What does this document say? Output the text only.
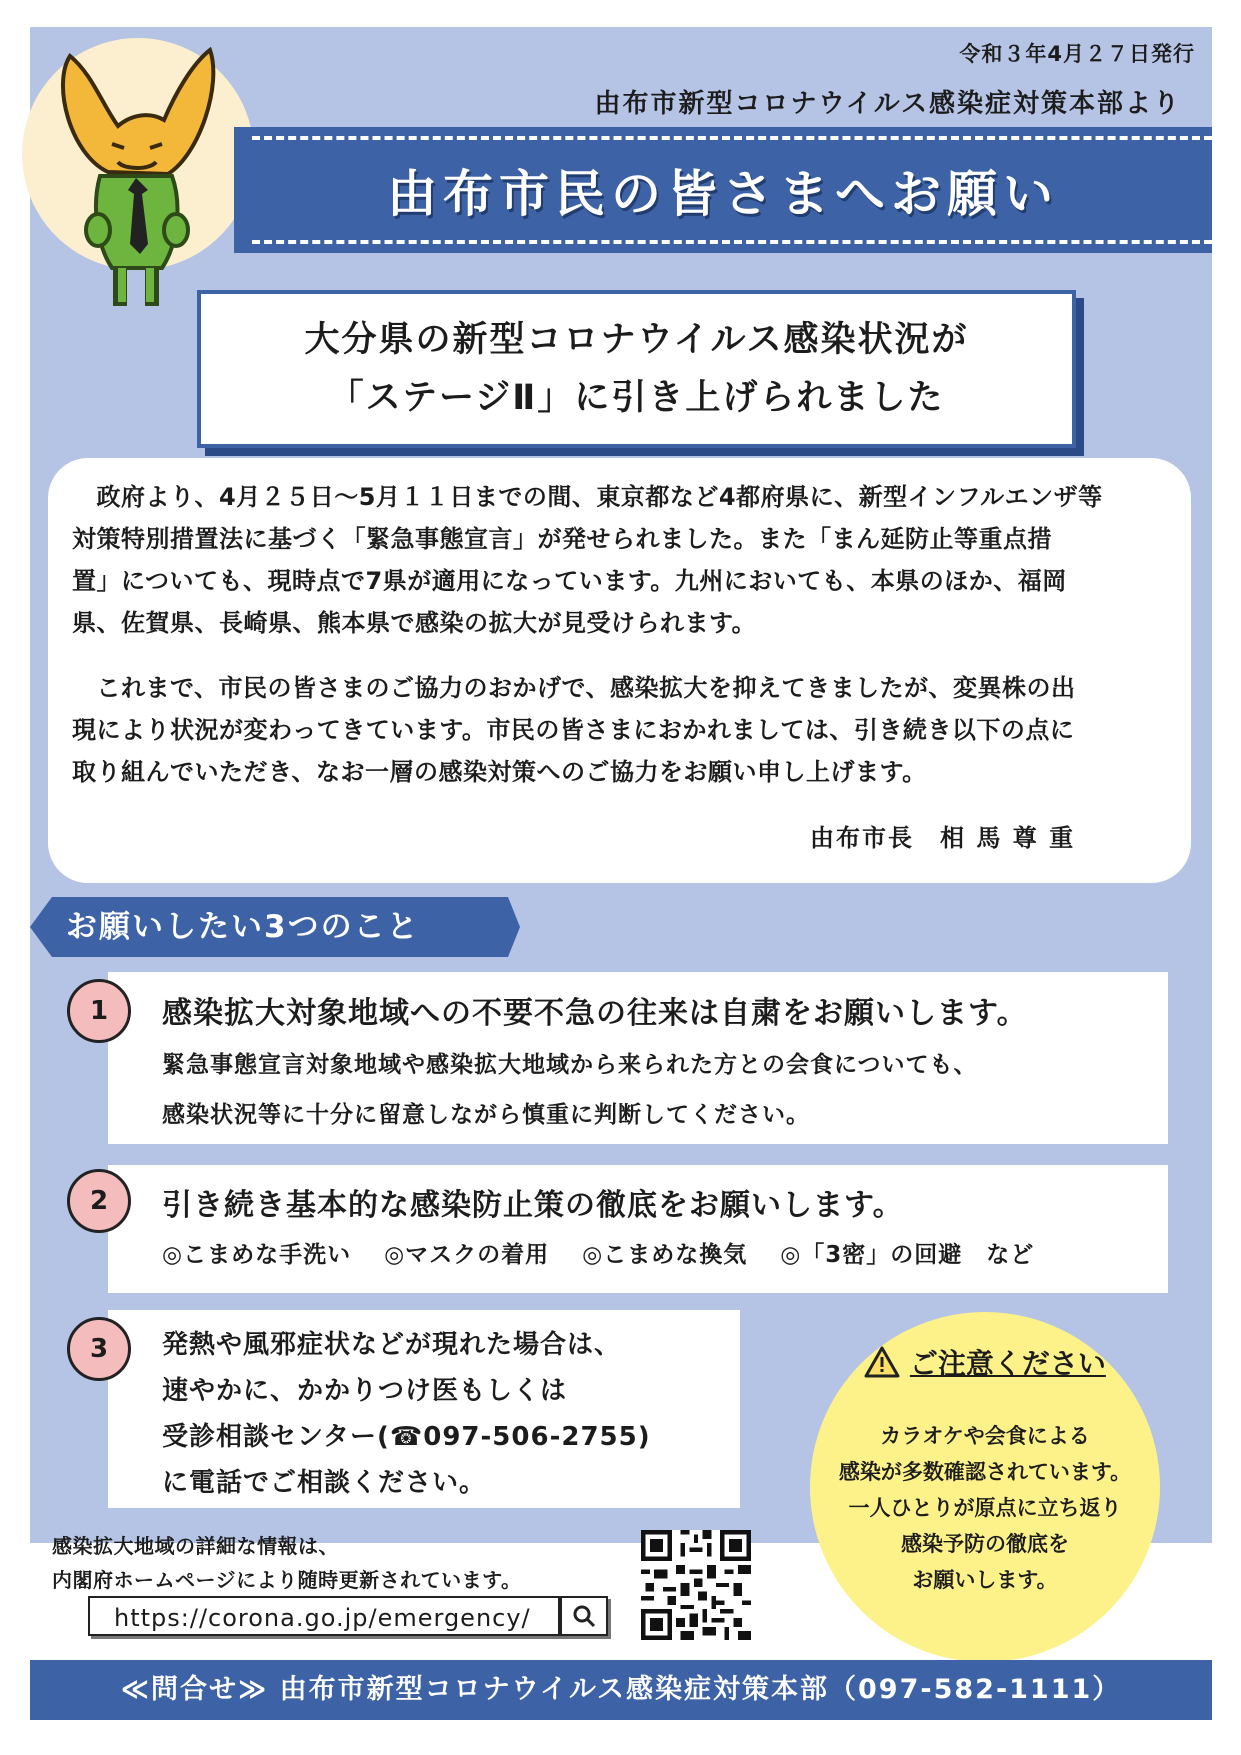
令和３年4月２７日発行
由布市新型コロナウイルス感染症対策本部より
由布市民の皆さまへお願い
大分県の新型コロナウイルス感染状況が
「ステージⅡ」に引き上げられました
　政府より、4月２５日～5月１１日までの間、東京都など4都府県に、新型インフルエンザ等
対策特別措置法に基づく「緊急事態宣言」が発せられました。また「まん延防止等重点措
置」についても、現時点で7県が適用になっています。九州においても、本県のほか、福岡
県、佐賀県、長崎県、熊本県で感染の拡大が見受けられます。
　これまで、市民の皆さまのご協力のおかげで、感染拡大を抑えてきましたが、変異株の出
現により状況が変わってきています。市民の皆さまにおかれましては、引き続き以下の点に
取り組んでいただき、なお一層の感染対策へのご協力をお願い申し上げます。
由布市長　相 馬 尊 重
お願いしたい3つのこと
1 感染拡大対象地域への不要不急の往来は自粛をお願いします。
緊急事態宣言対象地域や感染拡大地域から来られた方との会食についても、
感染状況等に十分に留意しながら慎重に判断してください。
2 引き続き基本的な感染防止策の徹底をお願いします。
◎こまめな手洗い　 ◎マスクの着用　 ◎こまめな換気　 ◎「3密」の回避　など
3 発熱や風邪症状などが現れた場合は、
速やかに、かかりつけ医もしくは
受診相談センター(☎097-506-2755)
に電話でご相談ください。
ご注意ください
カラオケや会食による
感染が多数確認されています。
一人ひとりが原点に立ち返り
感染予防の徹底を
お願いします。
感染拡大地域の詳細な情報は、
内閣府ホームページにより随時更新されています。
https://corona.go.jp/emergency/
≪問合せ≫ 由布市新型コロナウイルス感染症対策本部（097-582-1111）
